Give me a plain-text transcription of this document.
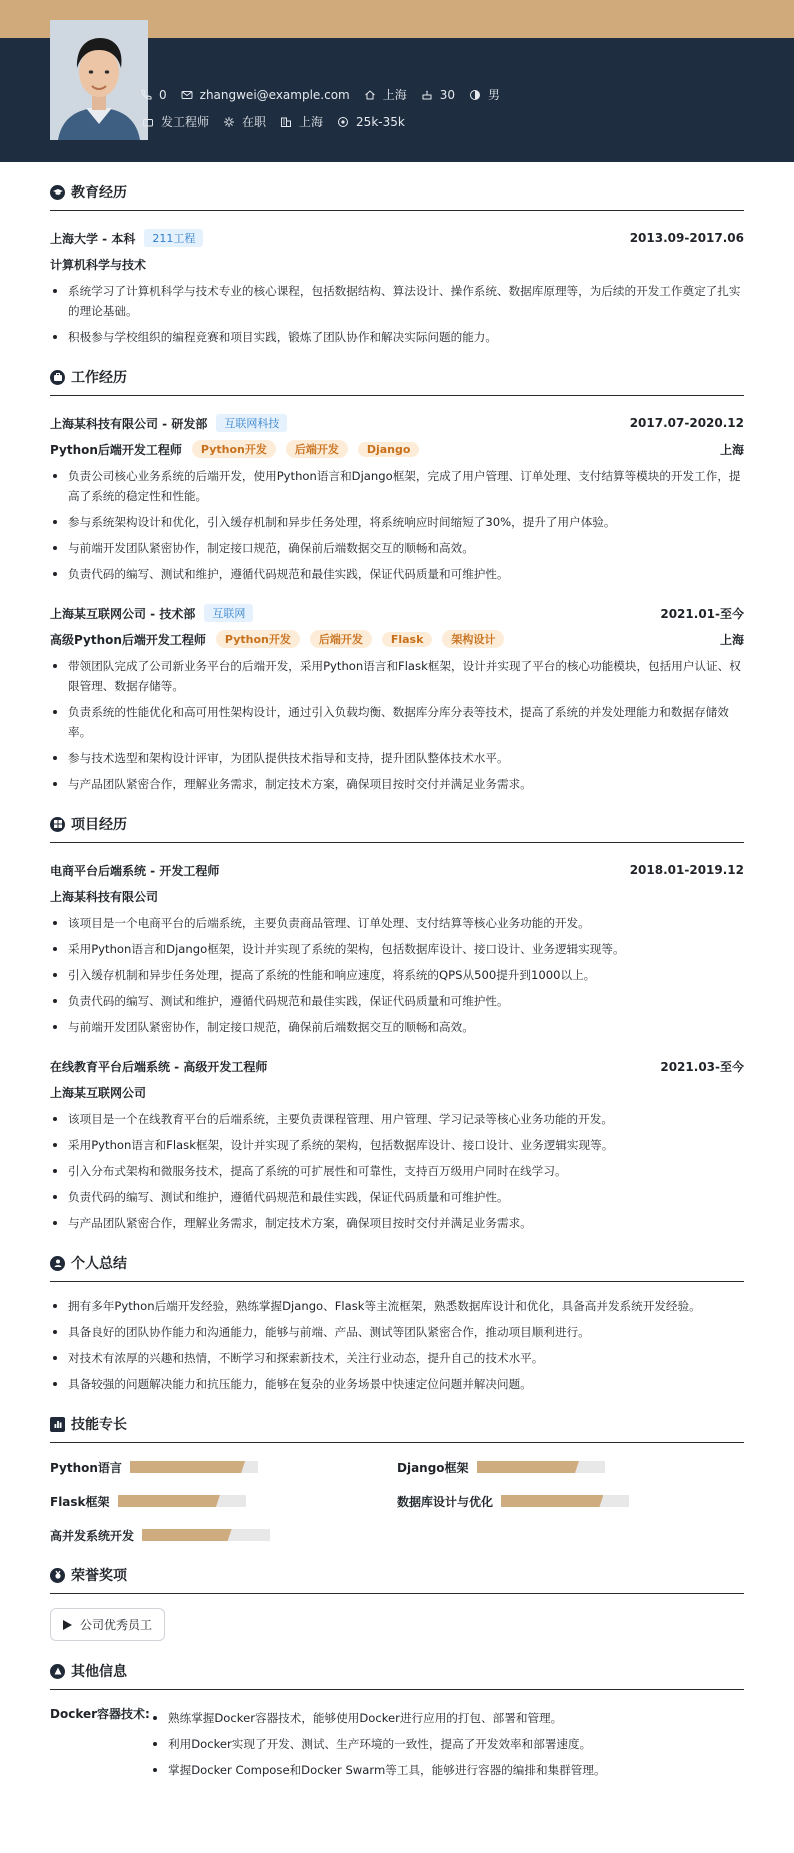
0	zhangwei@example.com	上海	30	男
发工程师	在职	上海	25k-35k
教育经历
上海大学 - 本科	211工程	2013.09-2017.06
计算机科学与技术
系统学习了计算机科学与技术专业的核心课程，包括数据结构、算法设计、操作系统、数据库原理等，为后续的开发工作奠定了扎实的理论基础。
积极参与学校组织的编程竞赛和项目实践，锻炼了团队协作和解决实际问题的能力。
工作经历
上海某科技有限公司 - 研发部	互联网科技	2017.07-2020.12
Python后端开发工程师	Python开发	后端开发	Django	上海
负责公司核心业务系统的后端开发，使用Python语言和Django框架，完成了用户管理、订单处理、支付结算等模块的开发工作，提高了系统的稳定性和性能。
参与系统架构设计和优化，引入缓存机制和异步任务处理，将系统响应时间缩短了30%，提升了用户体验。
与前端开发团队紧密协作，制定接口规范，确保前后端数据交互的顺畅和高效。
负责代码的编写、测试和维护，遵循代码规范和最佳实践，保证代码质量和可维护性。
上海某互联网公司 - 技术部	互联网	2021.01-至今
高级Python后端开发工程师	Python开发	后端开发	Flask	架构设计	上海
带领团队完成了公司新业务平台的后端开发，采用Python语言和Flask框架，设计并实现了平台的核心功能模块，包括用户认证、权限管理、数据存储等。
负责系统的性能优化和高可用性架构设计，通过引入负载均衡、数据库分库分表等技术，提高了系统的并发处理能力和数据存储效率。
参与技术选型和架构设计评审，为团队提供技术指导和支持，提升团队整体技术水平。
与产品团队紧密合作，理解业务需求，制定技术方案，确保项目按时交付并满足业务需求。
项目经历
电商平台后端系统 - 开发工程师	2018.01-2019.12
上海某科技有限公司
该项目是一个电商平台的后端系统，主要负责商品管理、订单处理、支付结算等核心业务功能的开发。
采用Python语言和Django框架，设计并实现了系统的架构，包括数据库设计、接口设计、业务逻辑实现等。
引入缓存机制和异步任务处理，提高了系统的性能和响应速度，将系统的QPS从500提升到1000以上。
负责代码的编写、测试和维护，遵循代码规范和最佳实践，保证代码质量和可维护性。
与前端开发团队紧密协作，制定接口规范，确保前后端数据交互的顺畅和高效。
在线教育平台后端系统 - 高级开发工程师	2021.03-至今
上海某互联网公司
该项目是一个在线教育平台的后端系统，主要负责课程管理、用户管理、学习记录等核心业务功能的开发。
采用Python语言和Flask框架，设计并实现了系统的架构，包括数据库设计、接口设计、业务逻辑实现等。
引入分布式架构和微服务技术，提高了系统的可扩展性和可靠性，支持百万级用户同时在线学习。
负责代码的编写、测试和维护，遵循代码规范和最佳实践，保证代码质量和可维护性。
与产品团队紧密合作，理解业务需求，制定技术方案，确保项目按时交付并满足业务需求。
个人总结
拥有多年Python后端开发经验，熟练掌握Django、Flask等主流框架，熟悉数据库设计和优化，具备高并发系统开发经验。
具备良好的团队协作能力和沟通能力，能够与前端、产品、测试等团队紧密合作，推动项目顺利进行。
对技术有浓厚的兴趣和热情，不断学习和探索新技术，关注行业动态，提升自己的技术水平。
具备较强的问题解决能力和抗压能力，能够在复杂的业务场景中快速定位问题并解决问题。
技能专长
Python语言	Django框架
Flask框架	数据库设计与优化
高并发系统开发
荣誉奖项
公司优秀员工
其他信息
Docker容器技术:	熟练掌握Docker容器技术，能够使用Docker进行应用的打包、部署和管理。
利用Docker实现了开发、测试、生产环境的一致性，提高了开发效率和部署速度。
掌握Docker Compose和Docker Swarm等工具，能够进行容器的编排和集群管理。
